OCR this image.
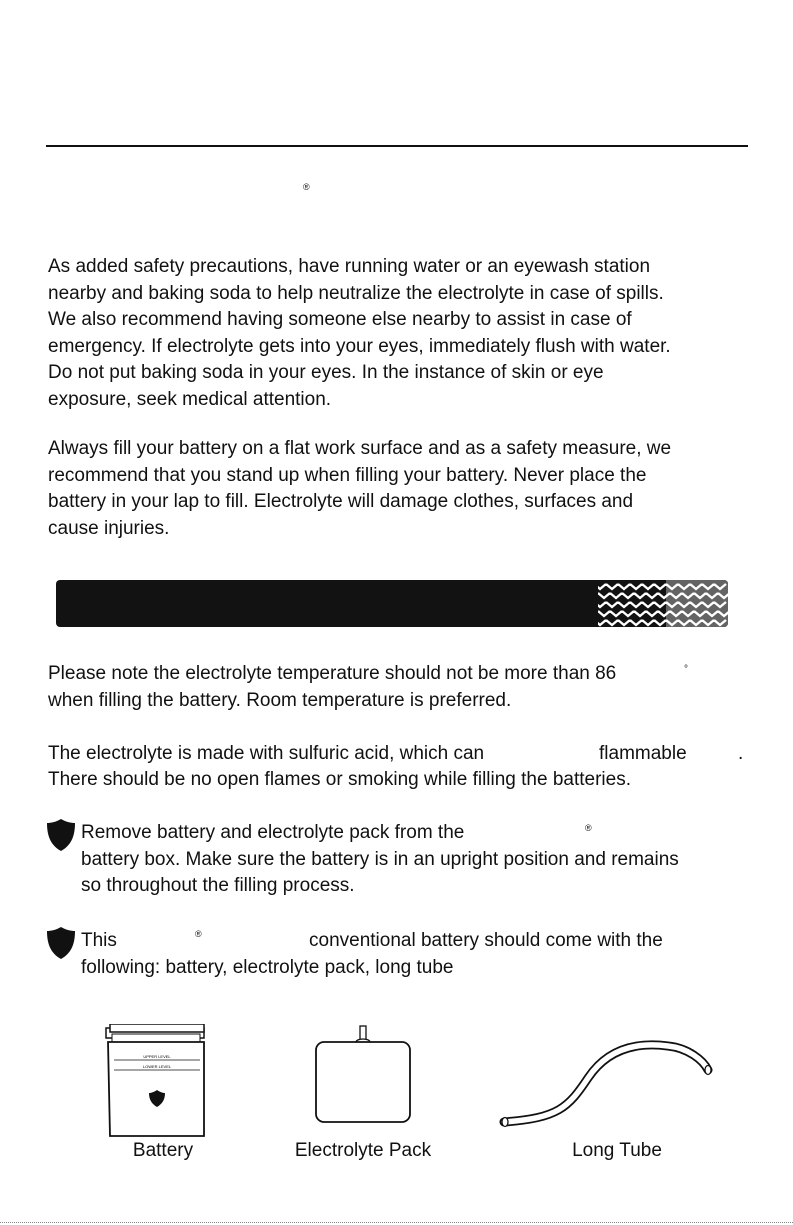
®
As added safety precautions, have running water or an eyewash station
nearby and baking soda to help neutralize the electrolyte in case of spills.
We also recommend having someone else nearby to assist in case of
emergency. If electrolyte gets into your eyes, immediately flush with water.
Do not put baking soda in your eyes. In the instance of skin or eye
exposure, seek medical attention.
Always fill your battery on a flat work surface and as a safety measure, we
recommend that you stand up when filling your battery. Never place the
battery in your lap to fill. Electrolyte will damage clothes, surfaces and
cause injuries.
Please note the electrolyte temperature should not be more than 86
when filling the battery. Room temperature is preferred.
°
The electrolyte is made with sulfuric acid, which can	flammable	.
There should be no open flames or smoking while filling the batteries.
Remove battery and electrolyte pack from the
battery box. Make sure the battery is in an upright position and remains
so throughout the filling process.
®
This	®	conventional battery should come with the
following: battery, electrolyte pack, long tube
UPPER LEVEL
LOWER LEVEL
Battery	Electrolyte Pack	Long Tube
